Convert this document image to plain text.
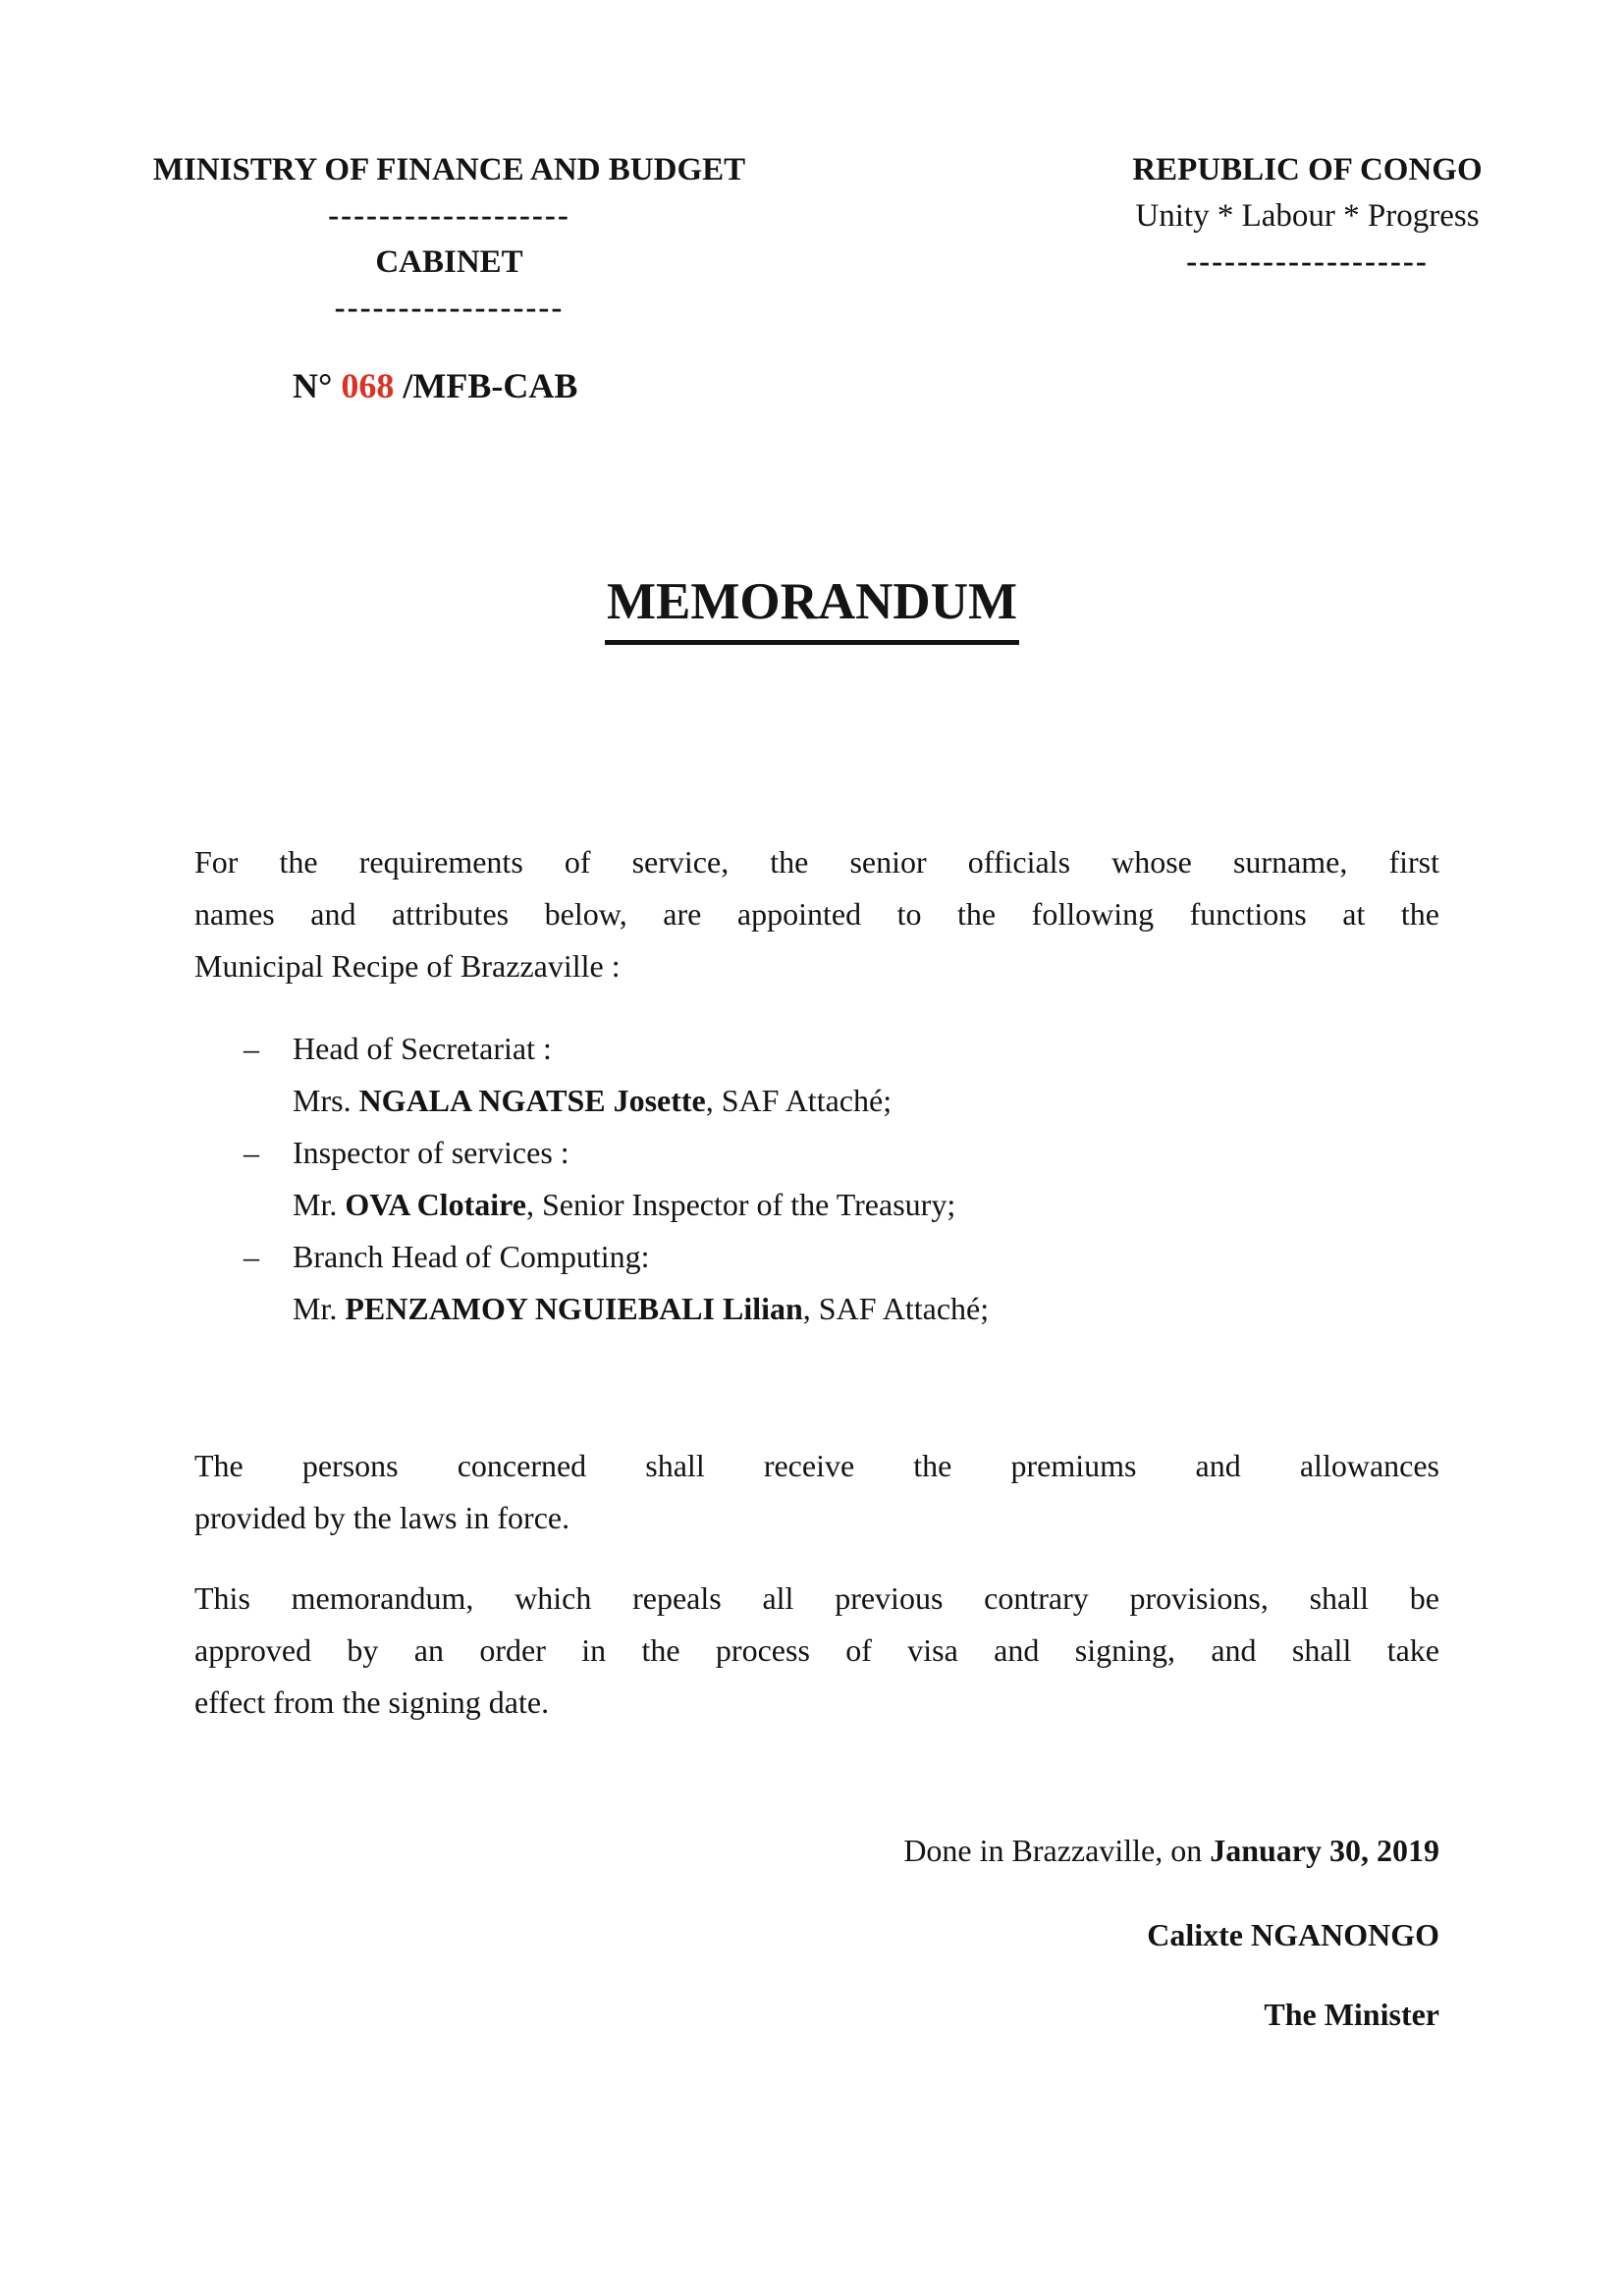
MINISTRY OF FINANCE AND BUDGET
-------------------
CABINET
------------------
REPUBLIC OF CONGO
Unity * Labour * Progress
-------------------
N° 068 /MFB-CAB
MEMORANDUM
For the requirements of service, the senior officials whose surname, first
names and attributes below, are appointed to the following functions at the
Municipal Recipe of Brazzaville :
– Head of Secretariat :
Mrs. NGALA NGATSE Josette, SAF Attaché;
– Inspector of services :
Mr. OVA Clotaire, Senior Inspector of the Treasury;
– Branch Head of Computing:
Mr. PENZAMOY NGUIEBALI Lilian, SAF Attaché;
The persons concerned shall receive the premiums and allowances
provided by the laws in force.
This memorandum, which repeals all previous contrary provisions, shall be
approved by an order in the process of visa and signing, and shall take
effect from the signing date.
Done in Brazzaville, on January 30, 2019
Calixte NGANONGO
The Minister
